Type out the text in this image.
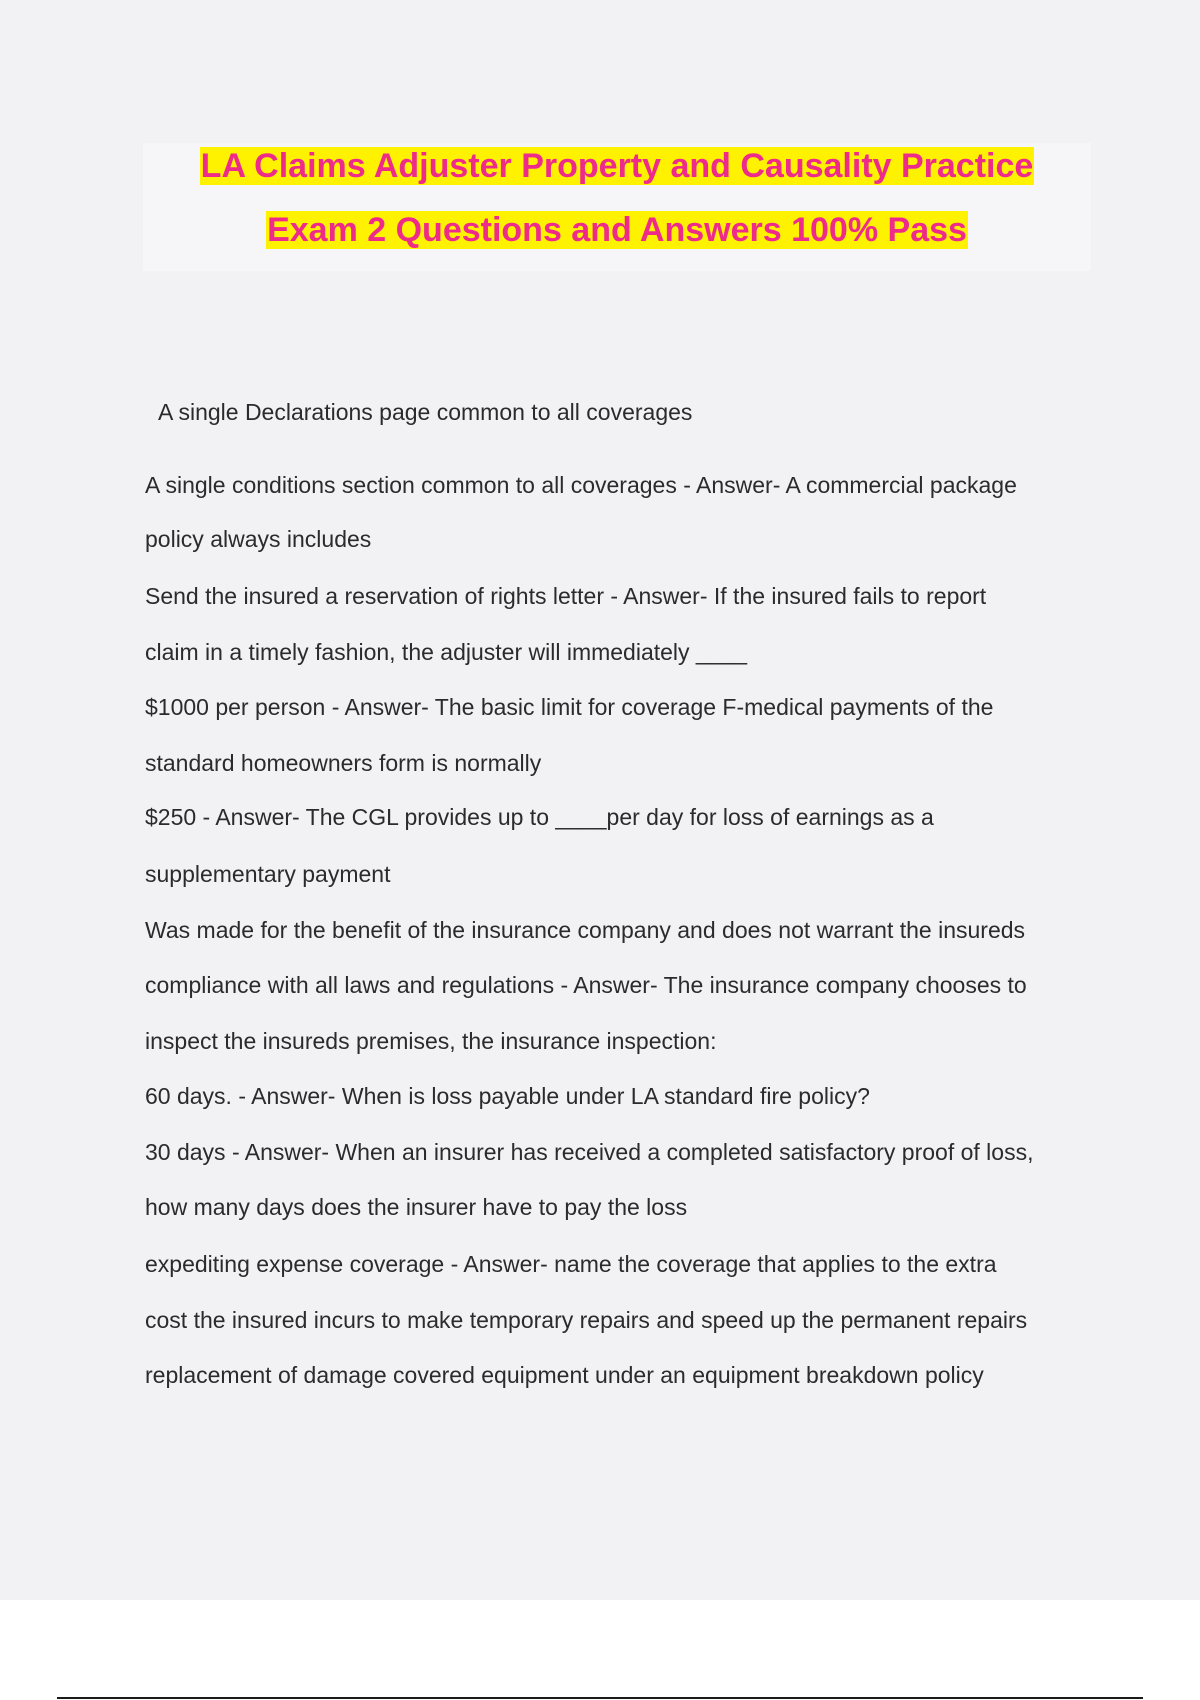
LA Claims Adjuster Property and Causality Practice
Exam 2 Questions and Answers 100% Pass
A single Declarations page common to all coverages
A single conditions section common to all coverages - Answer- A commercial package
policy always includes
Send the insured a reservation of rights letter - Answer- If the insured fails to report
claim in a timely fashion, the adjuster will immediately ____
$1000 per person - Answer- The basic limit for coverage F-medical payments of the
standard homeowners form is normally
$250 - Answer- The CGL provides up to ____per day for loss of earnings as a
supplementary payment
Was made for the benefit of the insurance company and does not warrant the insureds
compliance with all laws and regulations - Answer- The insurance company chooses to
inspect the insureds premises, the insurance inspection:
60 days. - Answer- When is loss payable under LA standard fire policy?
30 days - Answer- When an insurer has received a completed satisfactory proof of loss,
how many days does the insurer have to pay the loss
expediting expense coverage - Answer- name the coverage that applies to the extra
cost the insured incurs to make temporary repairs and speed up the permanent repairs
replacement of damage covered equipment under an equipment breakdown policy
